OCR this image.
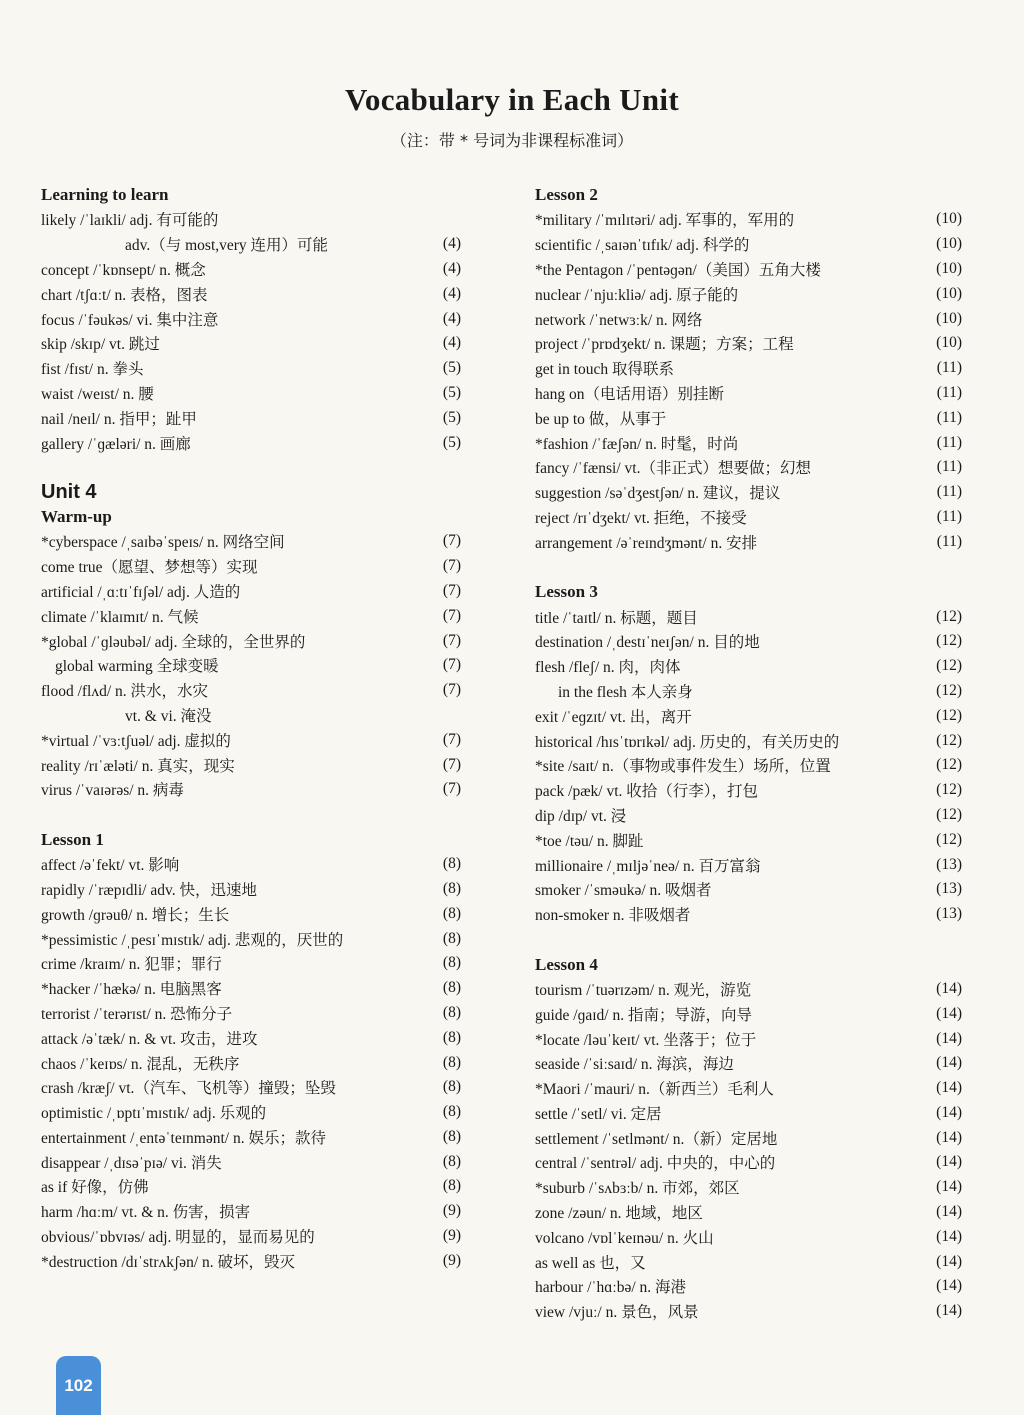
Vocabulary in Each Unit
（注：带 * 号词为非课程标准词）
Learning to learn
likely /ˈlaɪkli/ adj. 有可能的
adv.（与 most,very 连用）可能	(4)
concept /ˈkɒnsept/ n. 概念	(4)
chart /tʃɑːt/ n. 表格，图表	(4)
focus /ˈfəukəs/ vi. 集中注意	(4)
skip /skɪp/ vt. 跳过	(4)
fist /fɪst/ n. 拳头	(5)
waist /weɪst/ n. 腰	(5)
nail /neɪl/ n. 指甲；趾甲	(5)
gallery /ˈɡæləri/ n. 画廊	(5)
Unit 4
Warm-up
*cyberspace /ˌsaɪbəˈspeɪs/ n. 网络空间	(7)
come true（愿望、梦想等）实现	(7)
artificial /ˌɑːtɪˈfɪʃəl/ adj. 人造的	(7)
climate /ˈklaɪmɪt/ n. 气候	(7)
*global /ˈɡləubəl/ adj. 全球的，全世界的	(7)
global warming 全球变暖	(7)
flood /flʌd/ n. 洪水，水灾	(7)
vt. & vi. 淹没
*virtual /ˈvɜːtʃuəl/ adj. 虚拟的	(7)
reality /rɪˈæləti/ n. 真实，现实	(7)
virus /ˈvaɪərəs/ n. 病毒	(7)
Lesson 1
affect /əˈfekt/ vt. 影响	(8)
rapidly /ˈræpɪdli/ adv. 快，迅速地	(8)
growth /ɡrəuθ/ n. 增长；生长	(8)
*pessimistic /ˌpesɪˈmɪstɪk/ adj. 悲观的，厌世的	(8)
crime /kraɪm/ n. 犯罪；罪行	(8)
*hacker /ˈhækə/ n. 电脑黑客	(8)
terrorist /ˈterərɪst/ n. 恐怖分子	(8)
attack /əˈtæk/ n. & vt. 攻击，进攻	(8)
chaos /ˈkeɪɒs/ n. 混乱，无秩序	(8)
crash /kræʃ/ vt.（汽车、飞机等）撞毁；坠毁	(8)
optimistic /ˌɒptɪˈmɪstɪk/ adj. 乐观的	(8)
entertainment /ˌentəˈteɪnmənt/ n. 娱乐；款待	(8)
disappear /ˌdɪsəˈpɪə/ vi. 消失	(8)
as if 好像，仿佛	(8)
harm /hɑːm/ vt. & n. 伤害，损害	(9)
obvious/ˈɒbvɪəs/ adj. 明显的，显而易见的	(9)
*destruction /dɪˈstrʌkʃən/ n. 破坏，毁灭	(9)
Lesson 2
*military /ˈmɪlɪtəri/ adj. 军事的，军用的	(10)
scientific /ˌsaɪənˈtɪfɪk/ adj. 科学的	(10)
*the Pentagon /ˈpentəɡən/（美国）五角大楼	(10)
nuclear /ˈnjuːkliə/ adj. 原子能的	(10)
network /ˈnetwɜːk/ n. 网络	(10)
project /ˈprɒdʒekt/ n. 课题；方案；工程	(10)
get in touch 取得联系	(11)
hang on（电话用语）别挂断	(11)
be up to 做，从事于	(11)
*fashion /ˈfæʃən/ n. 时髦，时尚	(11)
fancy /ˈfænsi/ vt.（非正式）想要做；幻想	(11)
suggestion /səˈdʒestʃən/ n. 建议，提议	(11)
reject /rɪˈdʒekt/ vt. 拒绝，不接受	(11)
arrangement /əˈreɪndʒmənt/ n. 安排	(11)
Lesson 3
title /ˈtaɪtl/ n. 标题，题目	(12)
destination /ˌdestɪˈneɪʃən/ n. 目的地	(12)
flesh /fleʃ/ n. 肉，肉体	(12)
in the flesh 本人亲身	(12)
exit /ˈeɡzɪt/ vt. 出，离开	(12)
historical /hɪsˈtɒrɪkəl/ adj. 历史的，有关历史的	(12)
*site /saɪt/ n.（事物或事件发生）场所，位置	(12)
pack /pæk/ vt. 收拾（行李），打包	(12)
dip /dɪp/ vt. 浸	(12)
*toe /təu/ n. 脚趾	(12)
millionaire /ˌmɪljəˈneə/ n. 百万富翁	(13)
smoker /ˈsməukə/ n. 吸烟者	(13)
non-smoker n. 非吸烟者	(13)
Lesson 4
tourism /ˈtuərɪzəm/ n. 观光，游览	(14)
guide /ɡaɪd/ n. 指南；导游，向导	(14)
*locate /ləuˈkeɪt/ vt. 坐落于；位于	(14)
seaside /ˈsiːsaɪd/ n. 海滨，海边	(14)
*Maori /ˈmauri/ n.（新西兰）毛利人	(14)
settle /ˈsetl/ vi. 定居	(14)
settlement /ˈsetlmənt/ n.（新）定居地	(14)
central /ˈsentrəl/ adj. 中央的，中心的	(14)
*suburb /ˈsʌbɜːb/ n. 市郊，郊区	(14)
zone /zəun/ n. 地域，地区	(14)
volcano /vɒlˈkeɪnəu/ n. 火山	(14)
as well as 也，又	(14)
harbour /ˈhɑːbə/ n. 海港	(14)
view /vjuː/ n. 景色，风景	(14)
102
